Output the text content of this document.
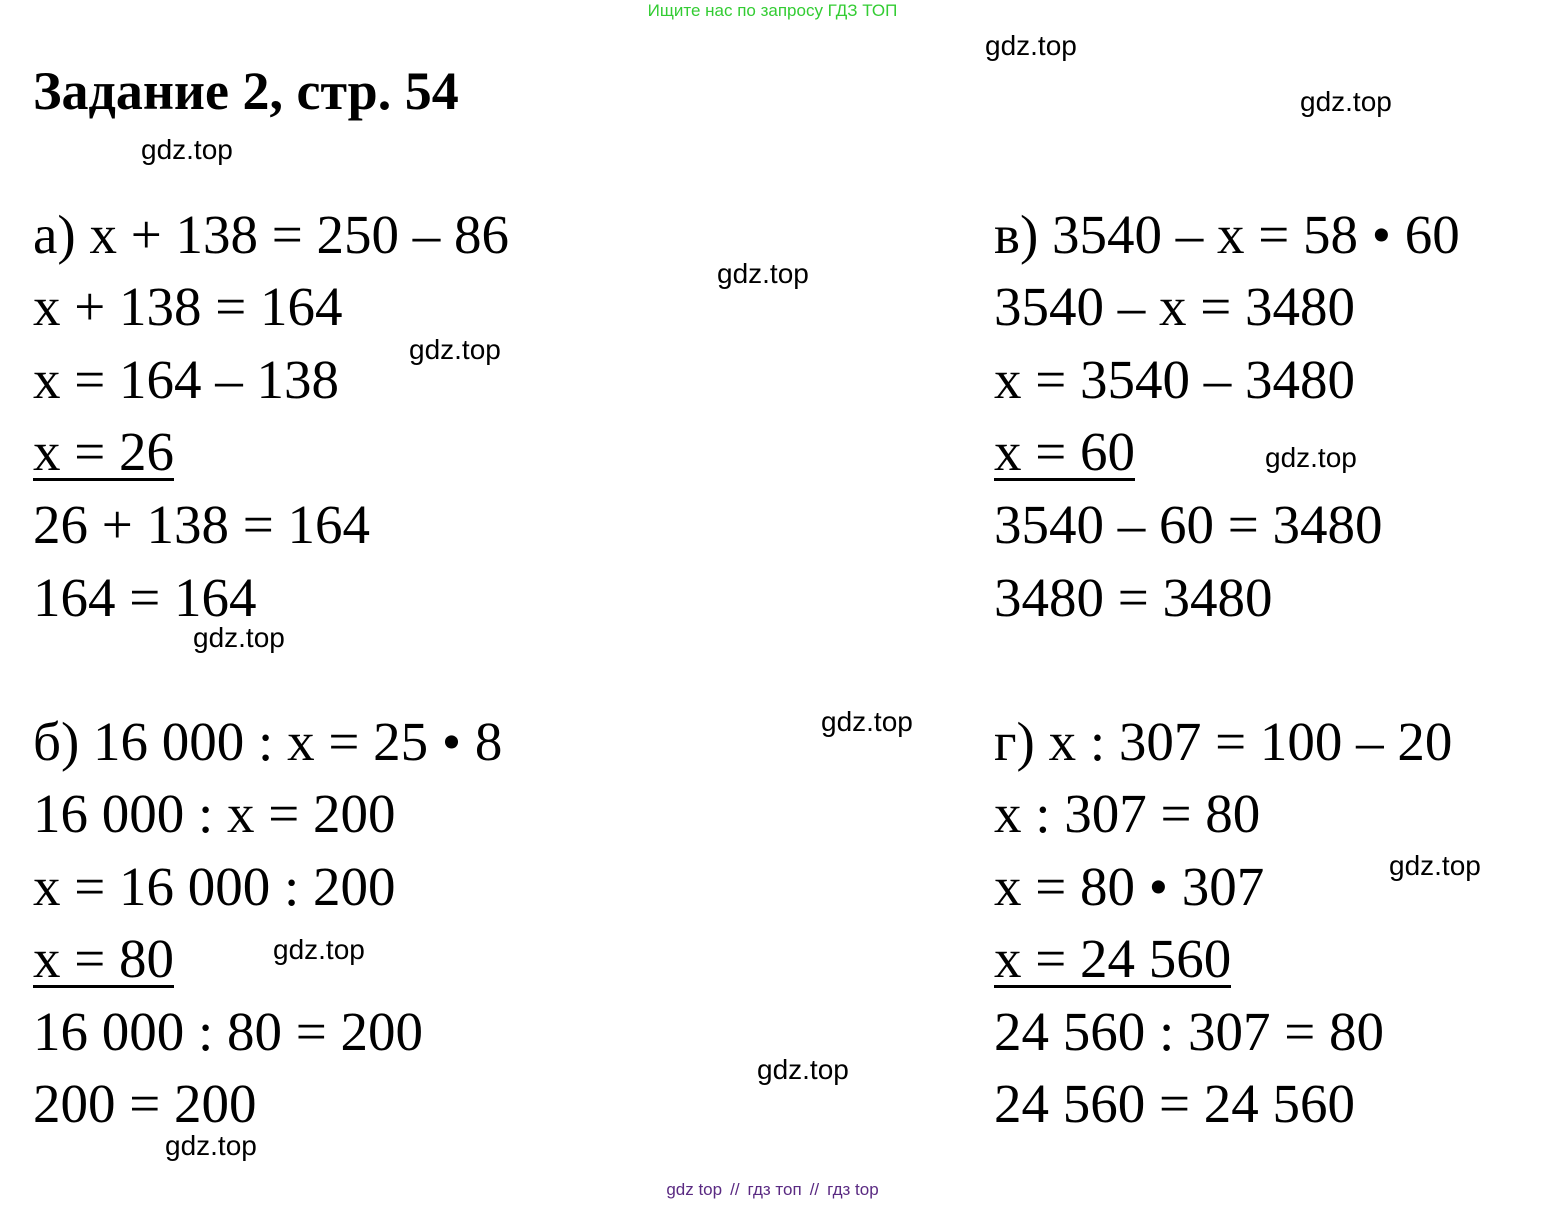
Ищите нас по запросу ГДЗ ТОП
Задание 2, стр. 54
gdz.top
gdz.top
gdz.top
gdz.top
gdz.top
gdz.top
gdz.top
gdz.top
gdz.top
gdz.top
gdz.top
gdz.top
а) x + 138 = 250 – 86
x + 138 = 164
x = 164 – 138
x = 26
26 + 138 = 164
164 = 164
б) 16 000 : x = 25 • 8
16 000 : x = 200
x = 16 000 : 200
x = 80
16 000 : 80 = 200
200 = 200
в) 3540 – x = 58 • 60
3540 – x = 3480
x = 3540 – 3480
x = 60
3540 – 60 = 3480
3480 = 3480
г) x : 307 = 100 – 20
x : 307 = 80
x = 80 • 307
x = 24 560
24 560 : 307 = 80
24 560 = 24 560
gdz top // гдз топ // гдз top
